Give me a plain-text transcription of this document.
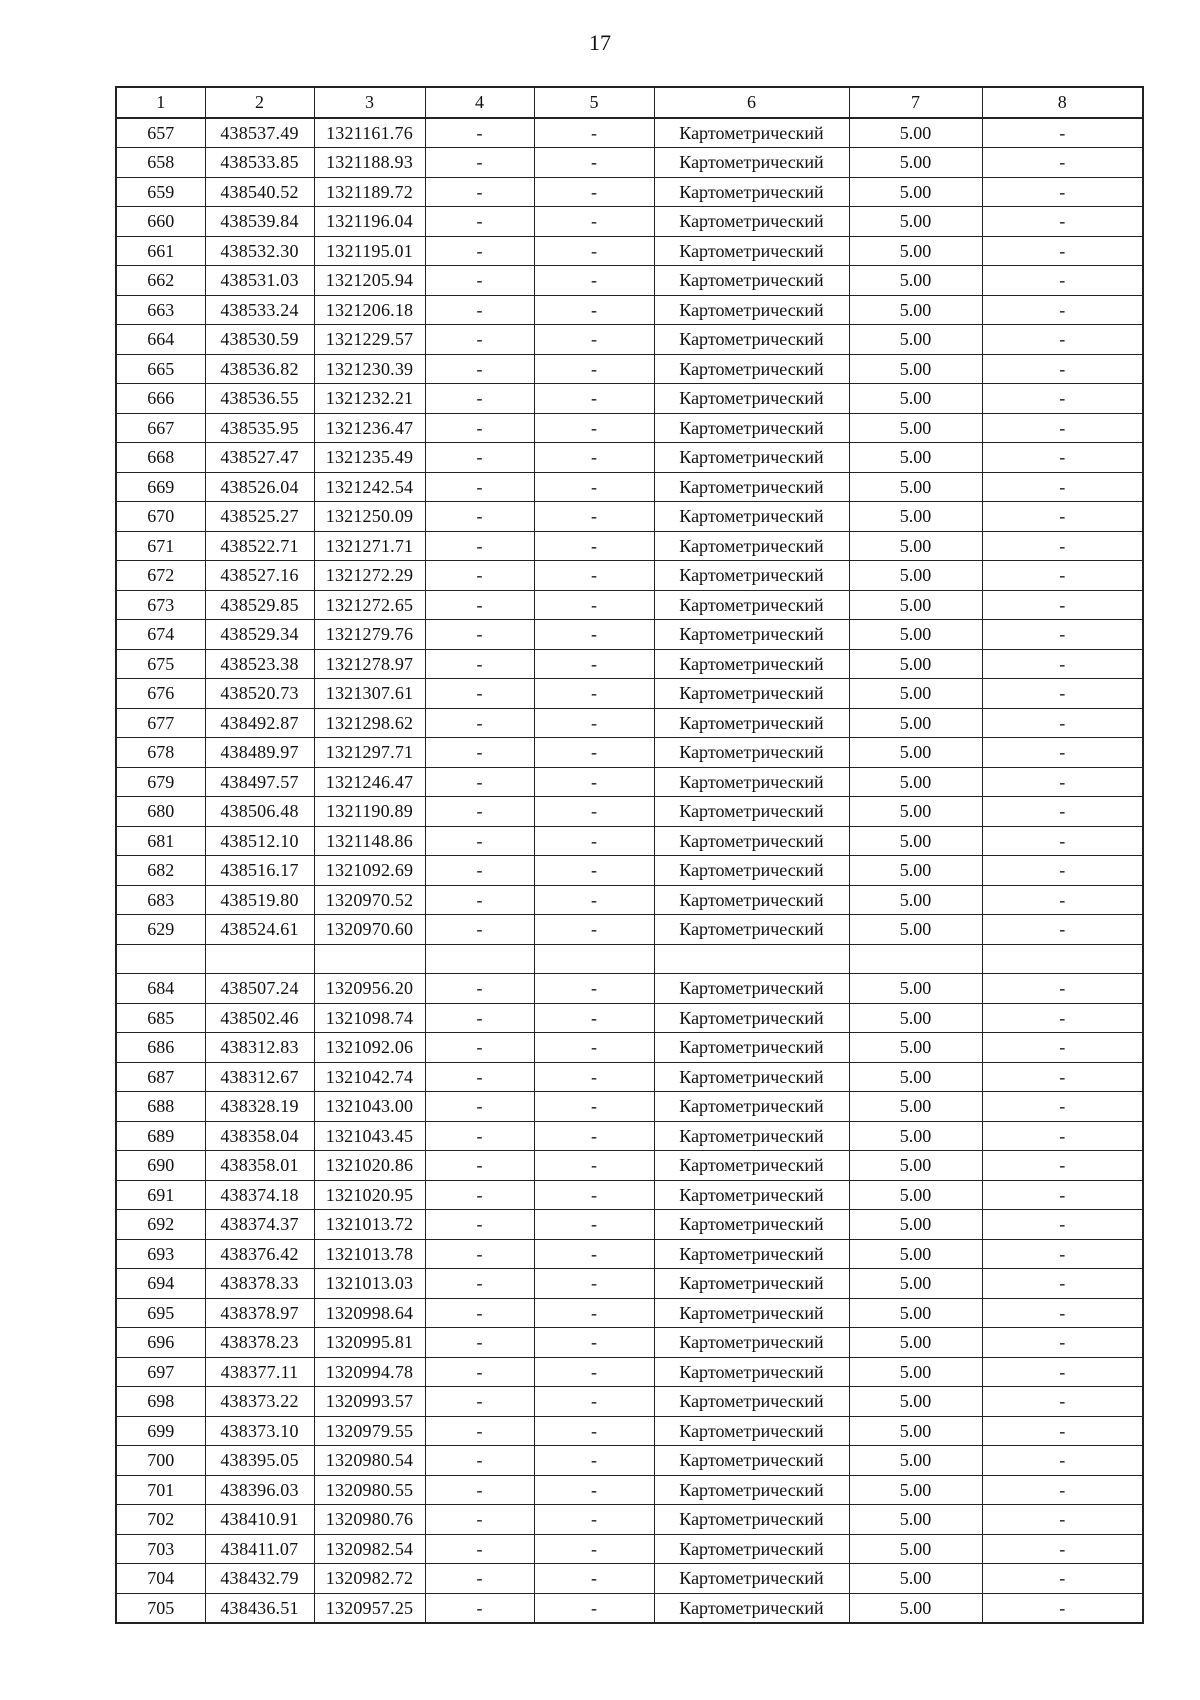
17
1	2	3	4	5	6	7	8
657	438537.49	1321161.76	-	-	Картометрический	5.00	-
658	438533.85	1321188.93	-	-	Картометрический	5.00	-
659	438540.52	1321189.72	-	-	Картометрический	5.00	-
660	438539.84	1321196.04	-	-	Картометрический	5.00	-
661	438532.30	1321195.01	-	-	Картометрический	5.00	-
662	438531.03	1321205.94	-	-	Картометрический	5.00	-
663	438533.24	1321206.18	-	-	Картометрический	5.00	-
664	438530.59	1321229.57	-	-	Картометрический	5.00	-
665	438536.82	1321230.39	-	-	Картометрический	5.00	-
666	438536.55	1321232.21	-	-	Картометрический	5.00	-
667	438535.95	1321236.47	-	-	Картометрический	5.00	-
668	438527.47	1321235.49	-	-	Картометрический	5.00	-
669	438526.04	1321242.54	-	-	Картометрический	5.00	-
670	438525.27	1321250.09	-	-	Картометрический	5.00	-
671	438522.71	1321271.71	-	-	Картометрический	5.00	-
672	438527.16	1321272.29	-	-	Картометрический	5.00	-
673	438529.85	1321272.65	-	-	Картометрический	5.00	-
674	438529.34	1321279.76	-	-	Картометрический	5.00	-
675	438523.38	1321278.97	-	-	Картометрический	5.00	-
676	438520.73	1321307.61	-	-	Картометрический	5.00	-
677	438492.87	1321298.62	-	-	Картометрический	5.00	-
678	438489.97	1321297.71	-	-	Картометрический	5.00	-
679	438497.57	1321246.47	-	-	Картометрический	5.00	-
680	438506.48	1321190.89	-	-	Картометрический	5.00	-
681	438512.10	1321148.86	-	-	Картометрический	5.00	-
682	438516.17	1321092.69	-	-	Картометрический	5.00	-
683	438519.80	1320970.52	-	-	Картометрический	5.00	-
629	438524.61	1320970.60	-	-	Картометрический	5.00	-

684	438507.24	1320956.20	-	-	Картометрический	5.00	-
685	438502.46	1321098.74	-	-	Картометрический	5.00	-
686	438312.83	1321092.06	-	-	Картометрический	5.00	-
687	438312.67	1321042.74	-	-	Картометрический	5.00	-
688	438328.19	1321043.00	-	-	Картометрический	5.00	-
689	438358.04	1321043.45	-	-	Картометрический	5.00	-
690	438358.01	1321020.86	-	-	Картометрический	5.00	-
691	438374.18	1321020.95	-	-	Картометрический	5.00	-
692	438374.37	1321013.72	-	-	Картометрический	5.00	-
693	438376.42	1321013.78	-	-	Картометрический	5.00	-
694	438378.33	1321013.03	-	-	Картометрический	5.00	-
695	438378.97	1320998.64	-	-	Картометрический	5.00	-
696	438378.23	1320995.81	-	-	Картометрический	5.00	-
697	438377.11	1320994.78	-	-	Картометрический	5.00	-
698	438373.22	1320993.57	-	-	Картометрический	5.00	-
699	438373.10	1320979.55	-	-	Картометрический	5.00	-
700	438395.05	1320980.54	-	-	Картометрический	5.00	-
701	438396.03	1320980.55	-	-	Картометрический	5.00	-
702	438410.91	1320980.76	-	-	Картометрический	5.00	-
703	438411.07	1320982.54	-	-	Картометрический	5.00	-
704	438432.79	1320982.72	-	-	Картометрический	5.00	-
705	438436.51	1320957.25	-	-	Картометрический	5.00	-
